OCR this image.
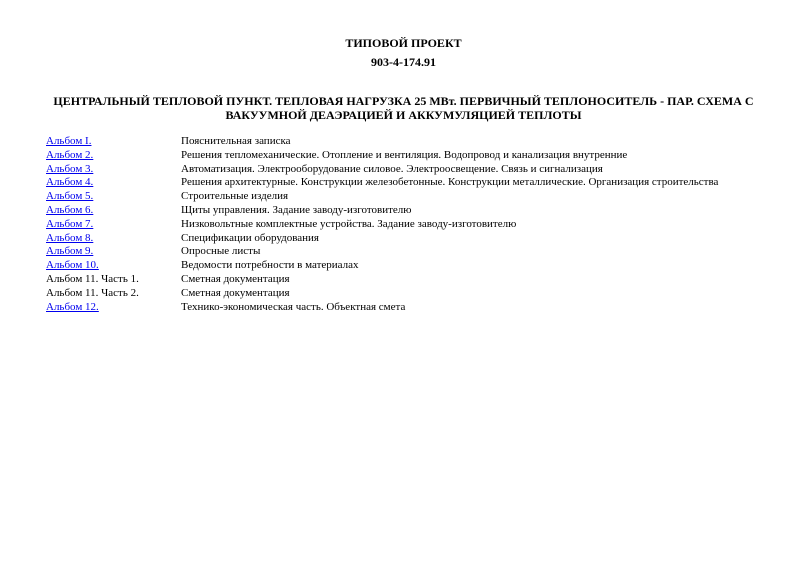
ТИПОВОЙ ПРОЕКТ
903-4-174.91
ЦЕНТРАЛЬНЫЙ ТЕПЛОВОЙ ПУНКТ. ТЕПЛОВАЯ НАГРУЗКА 25 МВт. ПЕРВИЧНЫЙ ТЕПЛОНОСИТЕЛЬ - ПАР. СХЕМА С ВАКУУМНОЙ ДЕАЭРАЦИЕЙ И АККУМУЛЯЦИЕЙ ТЕПЛОТЫ
Альбом I.	Пояснительная записка
Альбом 2.	Решения тепломеханические. Отопление и вентиляция. Водопровод и канализация внутренние
Альбом 3.	Автоматизация. Электрооборудование силовое. Электроосвещение. Связь и сигнализация
Альбом 4.	Решения архитектурные. Конструкции железобетонные. Конструкции металлические. Организация строительства
Альбом 5.	Строительные изделия
Альбом 6.	Щиты управления. Задание заводу-изготовителю
Альбом 7.	Низковольтные комплектные устройства. Задание заводу-изготовителю
Альбом 8.	Спецификации оборудования
Альбом 9.	Опросные листы
Альбом 10.	Ведомости потребности в материалах
Альбом 11. Часть 1.	Сметная документация
Альбом 11. Часть 2.	Сметная документация
Альбом 12.	Технико-экономическая часть. Объектная смета
